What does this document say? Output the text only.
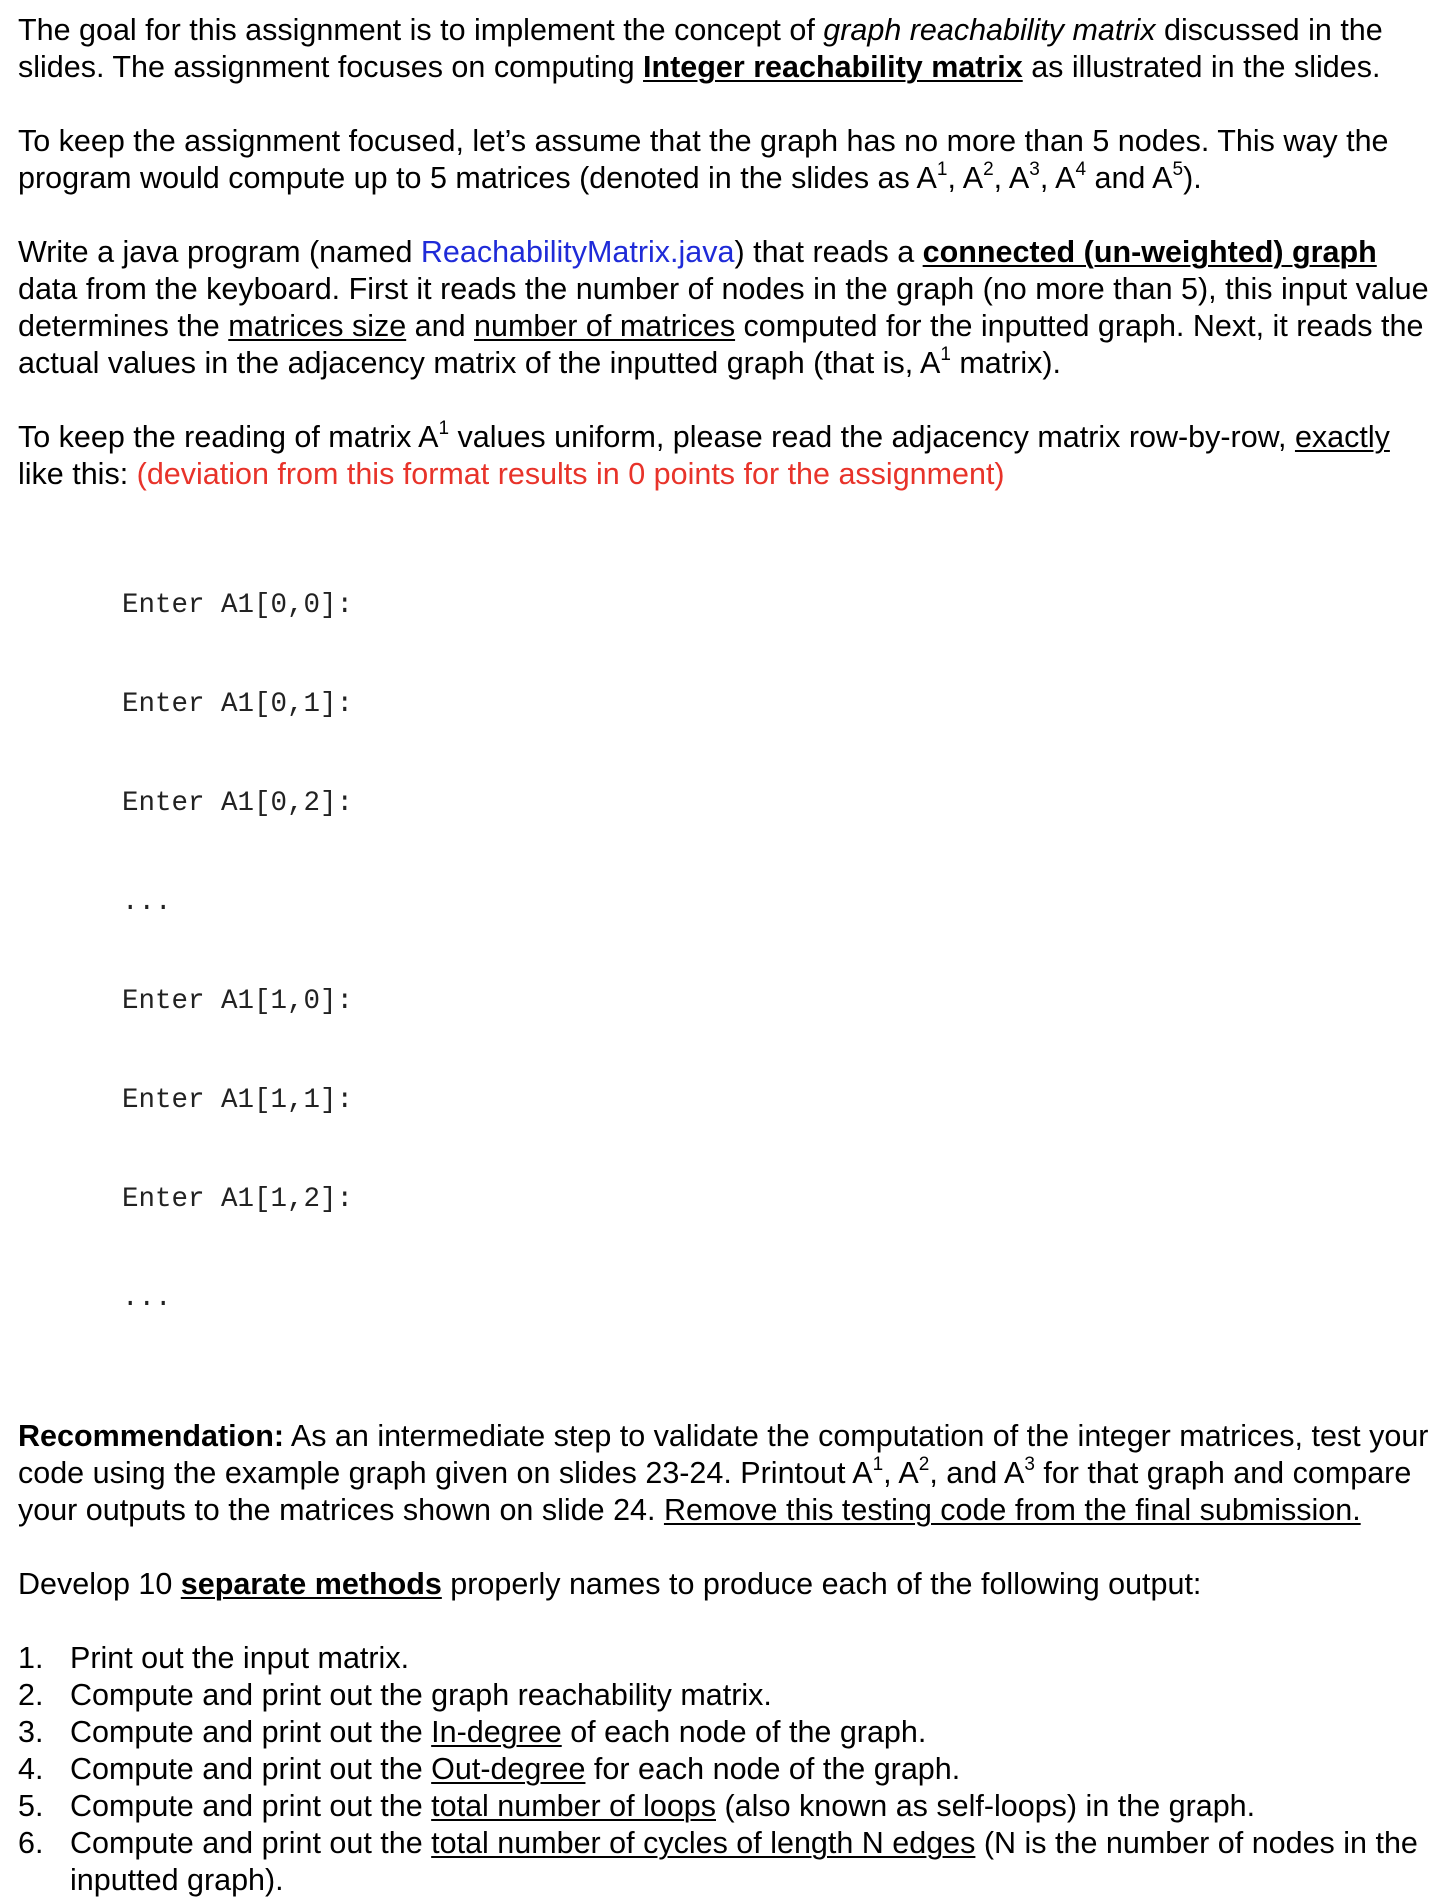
The goal for this assignment is to implement the concept of graph reachability matrix discussed in the slides. The assignment focuses on computing Integer reachability matrix as illustrated in the slides.

To keep the assignment focused, let’s assume that the graph has no more than 5 nodes. This way the program would compute up to 5 matrices (denoted in the slides as $A^1$, $A^2$, $A^3$, $A^4$ and $A^5$).

Write a java program (named ReachabilityMatrix.java) that reads a connected (un-weighted) graph data from the keyboard. First it reads the number of nodes in the graph (no more than 5), this input value determines the matrices size and number of matrices computed for the inputted graph. Next, it reads the actual values in the adjacency matrix of the inputted graph (that is, $A^1$ matrix).

To keep the reading of matrix $A^1$ values uniform, please read the adjacency matrix row-by-row, exactly like this: (deviation from this format results in 0 points for the assignment)

Enter A1[0,0]:

Enter A1[0,1]:

Enter A1[0,2]:

...

Enter A1[1,0]:

Enter A1[1,1]:

Enter A1[1,2]:

...

Recommendation: As an intermediate step to validate the computation of the integer matrices, test your code using the example graph given on slides 23-24. Printout $A^1$, $A^2$, and $A^3$ for that graph and compare your outputs to the matrices shown on slide 24. Remove this testing code from the final submission.

Develop 10 separate methods properly names to produce each of the following output:

1. Print out the input matrix.
2. Compute and print out the graph reachability matrix.
3. Compute and print out the In-degree of each node of the graph.
4. Compute and print out the Out-degree for each node of the graph.
5. Compute and print out the total number of loops (also known as self-loops) in the graph.
6. Compute and print out the total number of cycles of length N edges (N is the number of nodes in the inputted graph).
